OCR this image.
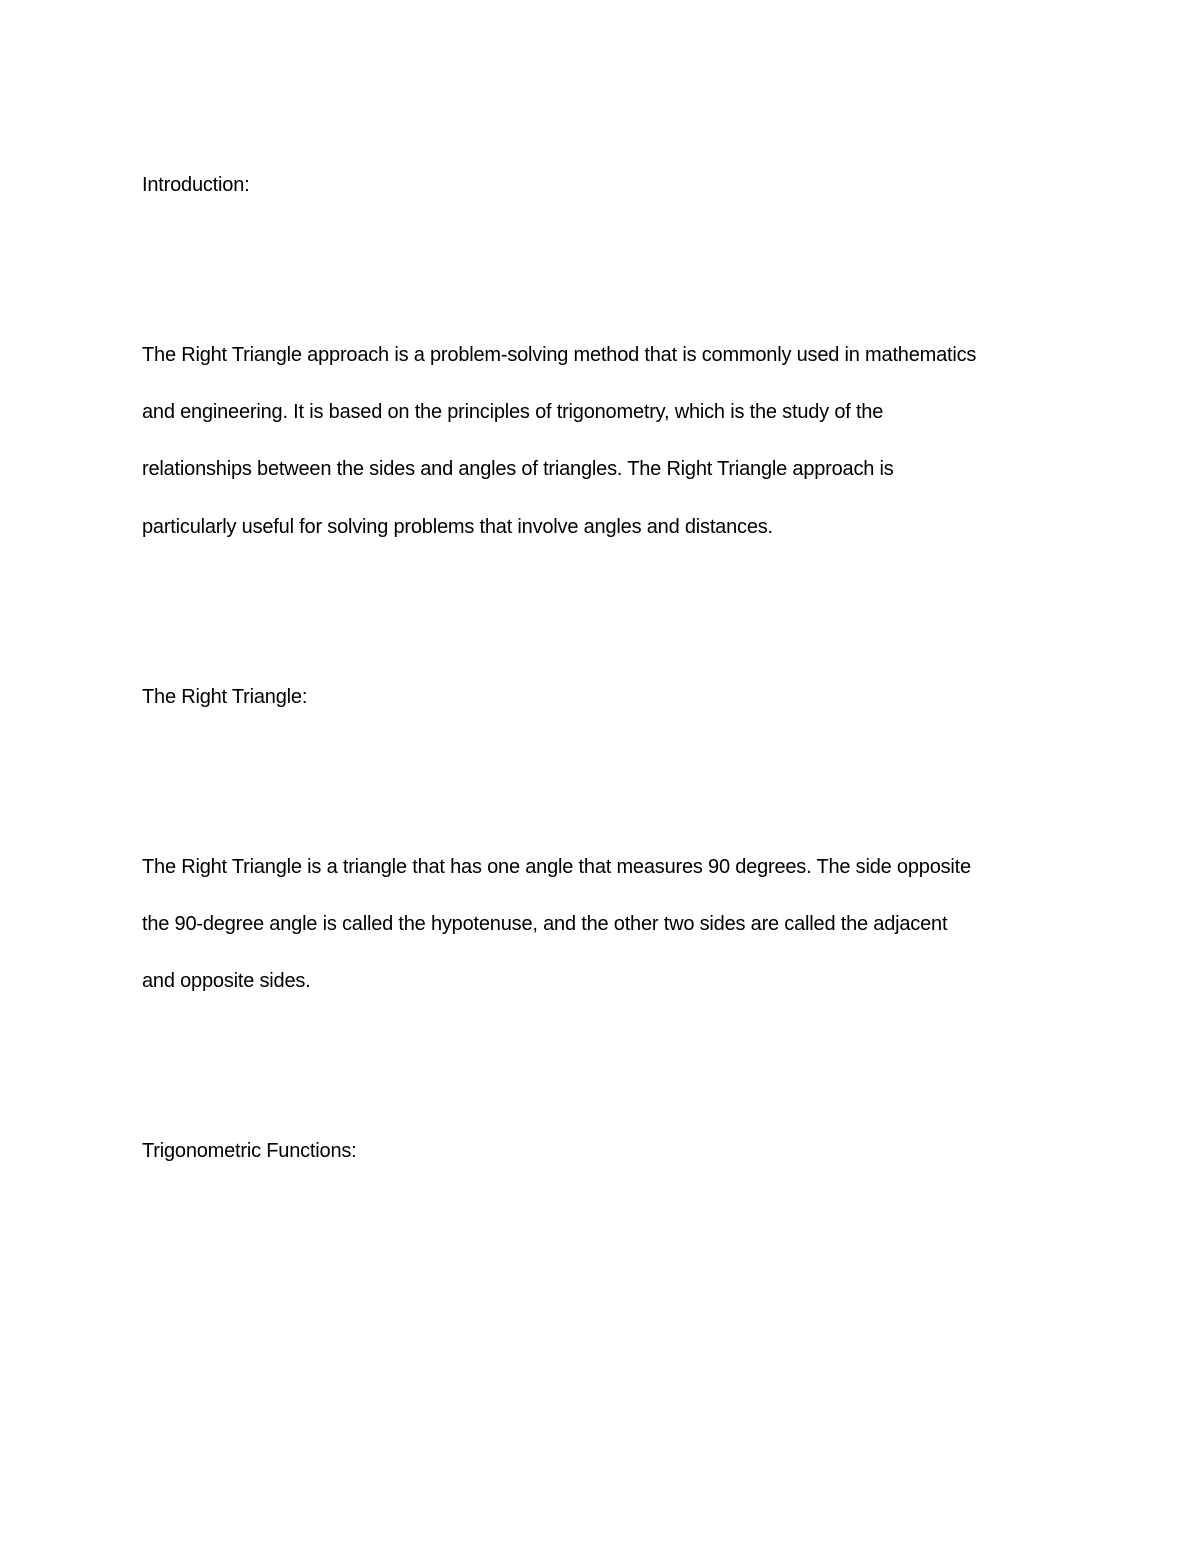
Introduction:
The Right Triangle approach is a problem-solving method that is commonly used in mathematics
and engineering. It is based on the principles of trigonometry, which is the study of the
relationships between the sides and angles of triangles. The Right Triangle approach is
particularly useful for solving problems that involve angles and distances.
The Right Triangle:
The Right Triangle is a triangle that has one angle that measures 90 degrees. The side opposite
the 90-degree angle is called the hypotenuse, and the other two sides are called the adjacent
and opposite sides.
Trigonometric Functions:
